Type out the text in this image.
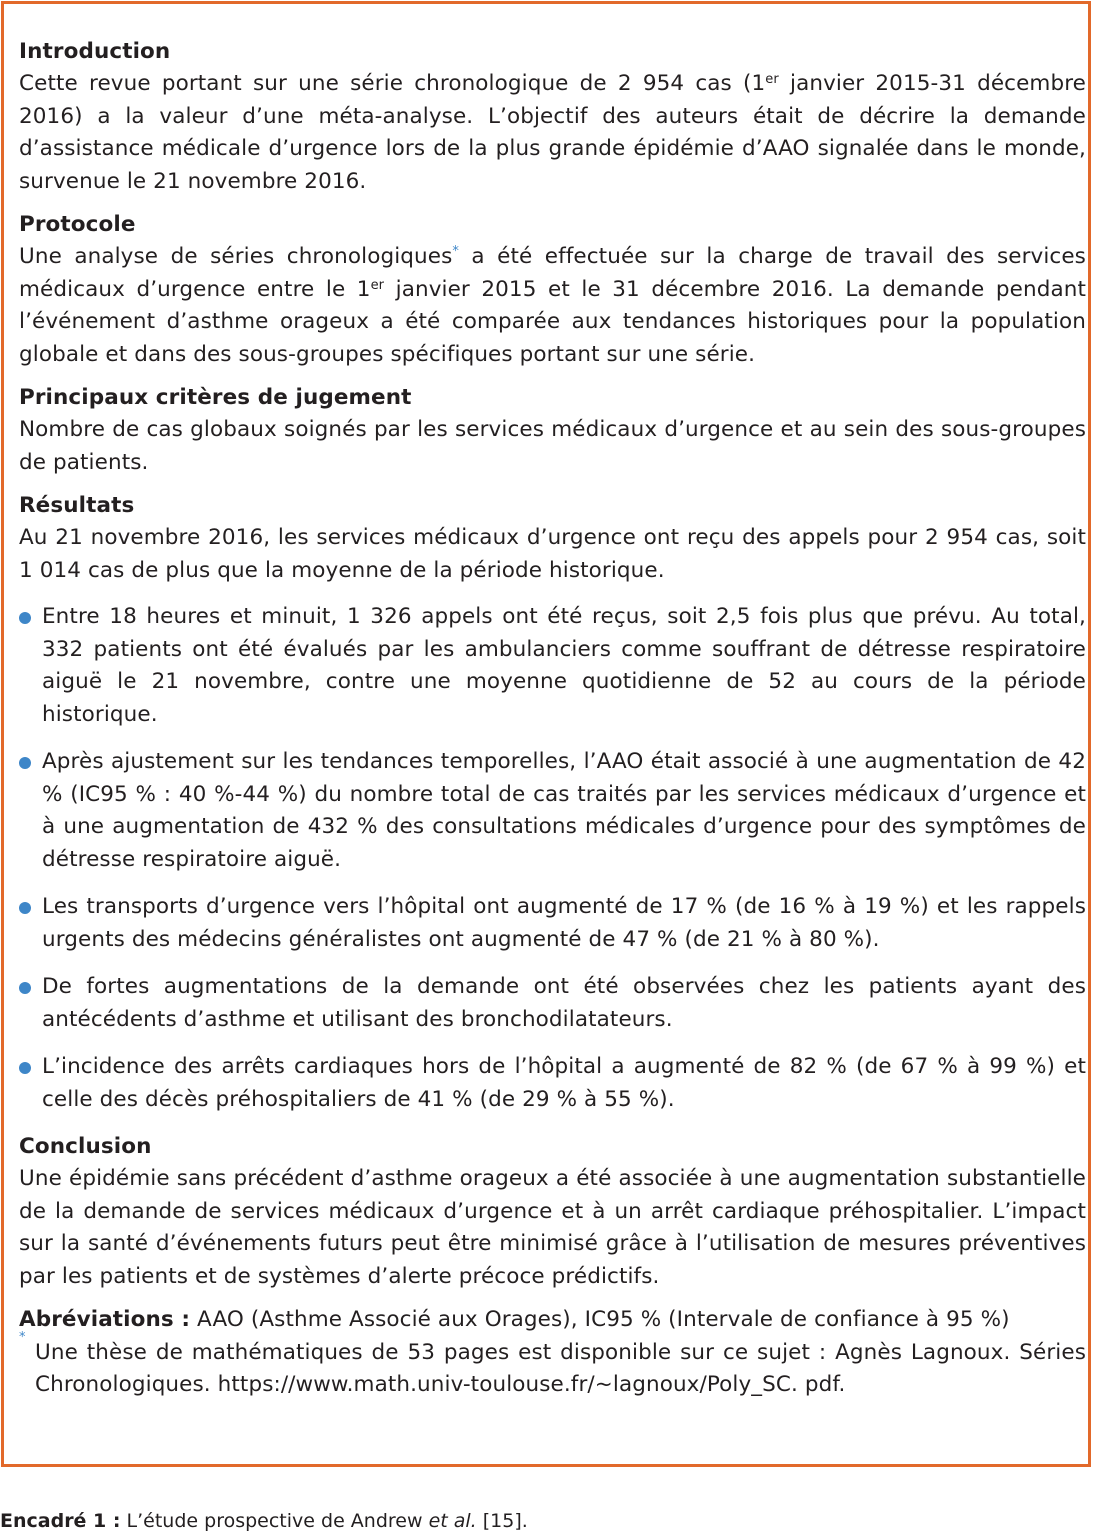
Introduction
Cette revue portant sur une série chronologique de 2 954 cas (1er janvier 2015-31 décembre 2016) a la valeur d’une méta-analyse. L’objectif des auteurs était de décrire la demande d’assistance médicale d’urgence lors de la plus grande épidémie d’AAO signalée dans le monde, survenue le 21 novembre 2016.
Protocole
Une analyse de séries chronologiques* a été effectuée sur la charge de travail des services médicaux d’urgence entre le 1er janvier 2015 et le 31 décembre 2016. La demande pendant l’événement d’asthme orageux a été comparée aux tendances historiques pour la population globale et dans des sous-groupes spécifiques portant sur une série.
Principaux critères de jugement
Nombre de cas globaux soignés par les services médicaux d’urgence et au sein des sous-groupes de patients.
Résultats
Au 21 novembre 2016, les services médicaux d’urgence ont reçu des appels pour 2 954 cas, soit 1 014 cas de plus que la moyenne de la période historique.
Entre 18 heures et minuit, 1 326 appels ont été reçus, soit 2,5 fois plus que prévu. Au total, 332 patients ont été évalués par les ambulanciers comme souffrant de détresse respiratoire aiguë le 21 novembre, contre une moyenne quotidienne de 52 au cours de la période historique.
Après ajustement sur les tendances temporelles, l’AAO était associé à une augmentation de 42 % (IC95 % : 40 %-44 %) du nombre total de cas traités par les services médicaux d’urgence et à une augmentation de 432 % des consultations médicales d’urgence pour des symptômes de détresse respiratoire aiguë.
Les transports d’urgence vers l’hôpital ont augmenté de 17 % (de 16 % à 19 %) et les rappels urgents des médecins généralistes ont augmenté de 47 % (de 21 % à 80 %).
De fortes augmentations de la demande ont été observées chez les patients ayant des antécédents d’asthme et utilisant des bronchodilatateurs.
L’incidence des arrêts cardiaques hors de l’hôpital a augmenté de 82 % (de 67 % à 99 %) et celle des décès préhospitaliers de 41 % (de 29 % à 55 %).
Conclusion
Une épidémie sans précédent d’asthme orageux a été associée à une augmentation substantielle de la demande de services médicaux d’urgence et à un arrêt cardiaque préhospitalier. L’impact sur la santé d’événements futurs peut être minimisé grâce à l’utilisation de mesures préventives par les patients et de systèmes d’alerte précoce prédictifs.
Abréviations : AAO (Asthme Associé aux Orages), IC95 % (Intervale de confiance à 95 %)
*
Une thèse de mathématiques de 53 pages est disponible sur ce sujet : Agnès Lagnoux. Séries Chronologiques. https://www.math.univ-toulouse.fr/~lagnoux/Poly_SC. pdf.
Encadré 1 : L’étude prospective de Andrew et al. [15].
